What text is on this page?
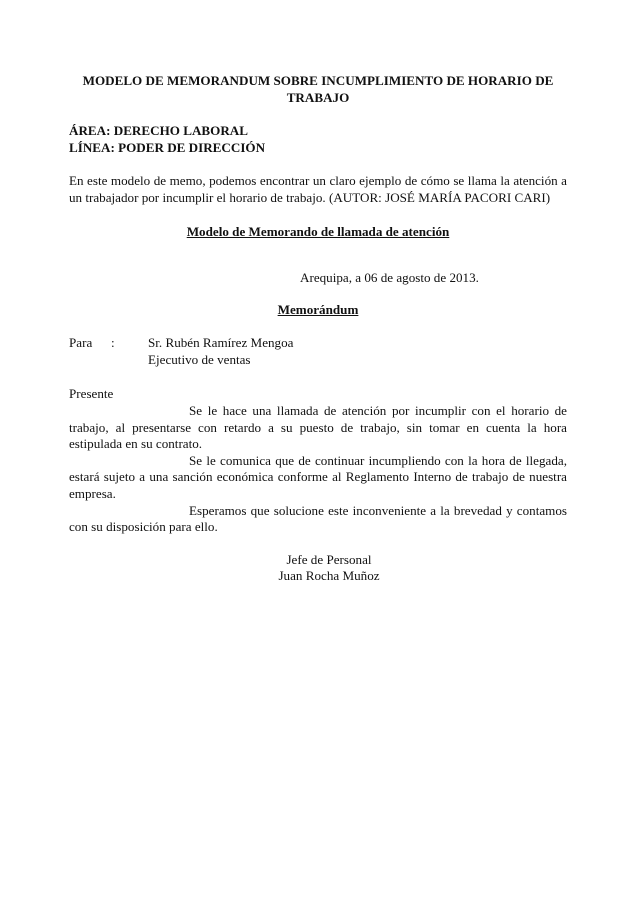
MODELO DE MEMORANDUM SOBRE INCUMPLIMIENTO DE HORARIO DE TRABAJO

ÁREA: DERECHO LABORAL
LÍNEA: PODER DE DIRECCIÓN
En este modelo de memo, podemos encontrar un claro ejemplo de cómo se llama la atención a un trabajador por incumplir el horario de trabajo. (AUTOR: JOSÉ MARÍA PACORI CARI)
Modelo de Memorando de llamada de atención
Arequipa, a 06 de agosto de 2013.
Memorándum
Para :	Sr. Rubén Ramírez Mengoa
Ejecutivo de ventas
Presente

Se le hace una llamada de atención por incumplir con el horario de trabajo, al presentarse con retardo a su puesto de trabajo, sin tomar en cuenta la hora estipulada en su contrato.

Se le comunica que de continuar incumpliendo con la hora de llegada, estará sujeto a una sanción económica conforme al Reglamento Interno de trabajo de nuestra empresa.

Esperamos que solucione este inconveniente a la brevedad y contamos con su disposición para ello.

Jefe de Personal
Juan Rocha Muñoz
